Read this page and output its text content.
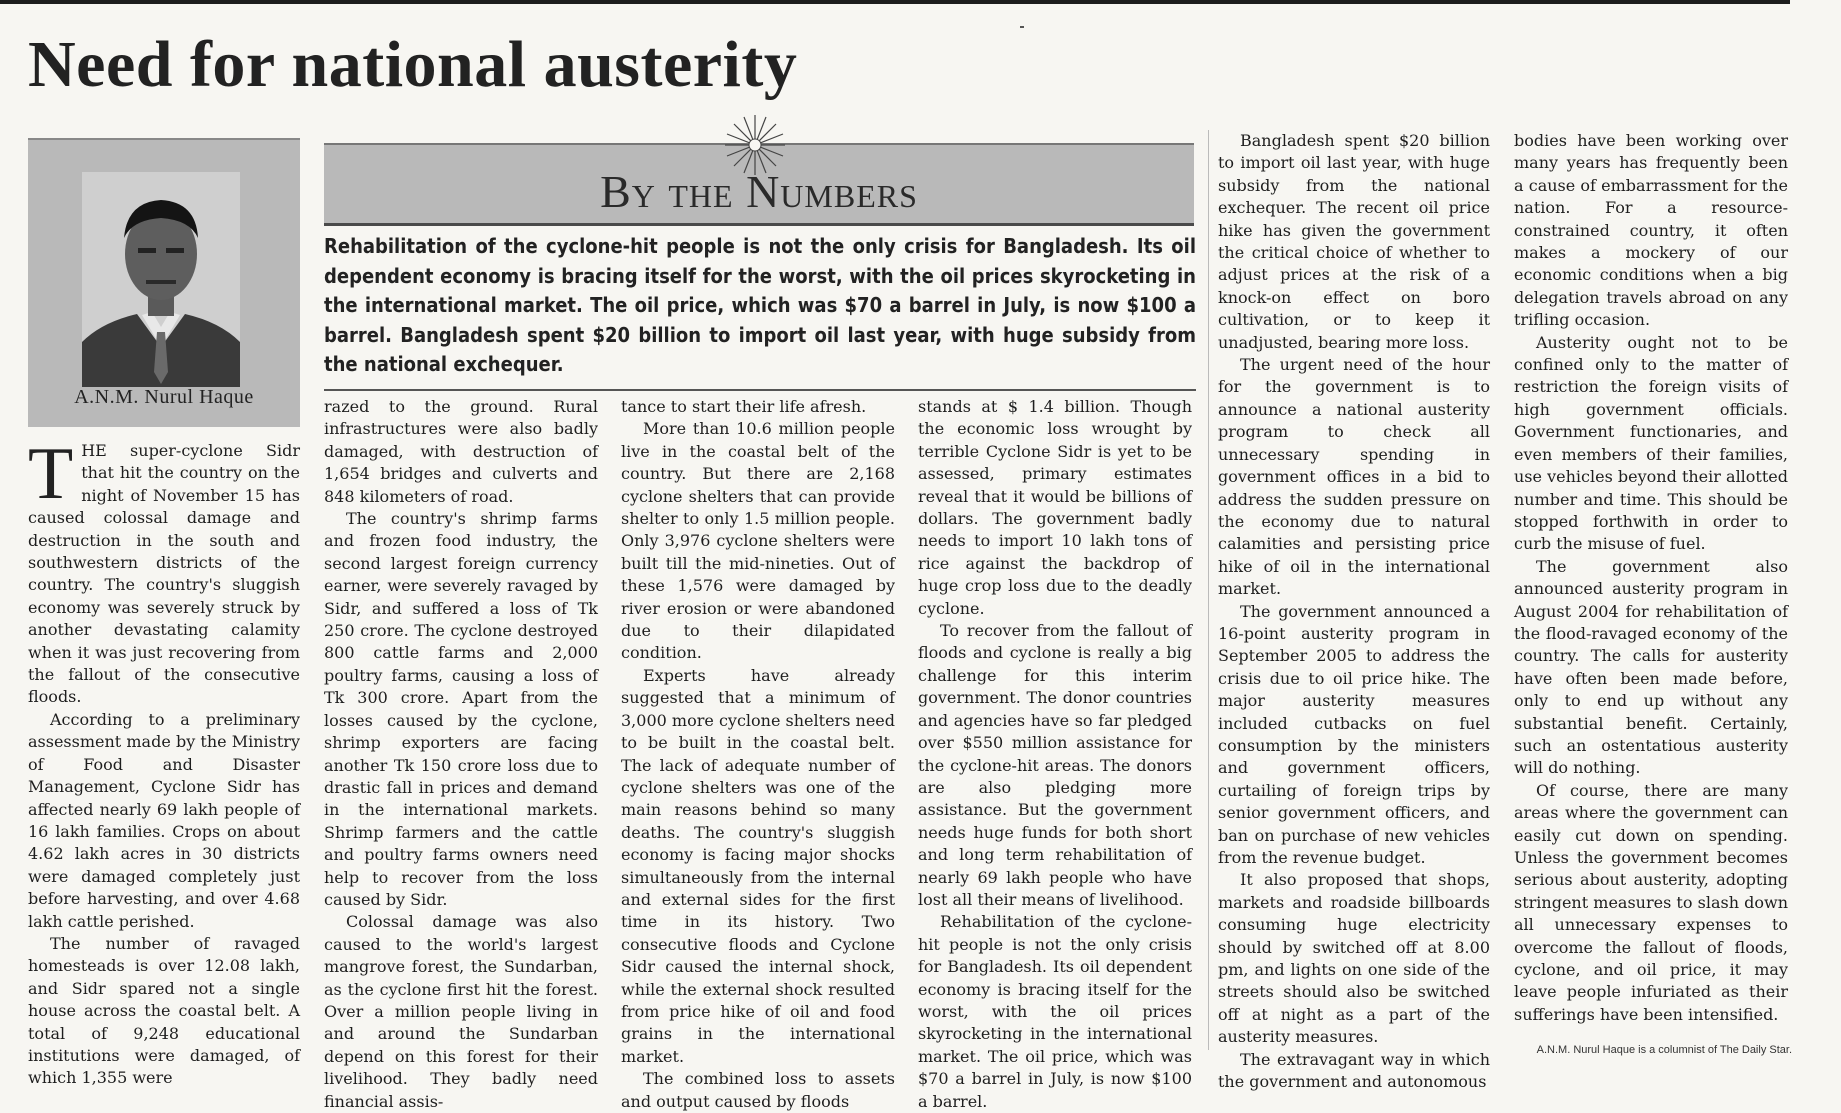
Need for national austerity
A.N.M. Nurul Haque
By the Numbers

Rehabilitation of the cyclone-hit people is not the only crisis for Bangladesh. Its oil dependent economy is bracing itself for the worst, with the oil prices skyrocketing in the international market. The oil price, which was $70 a barrel in July, is now $100 a barrel. Bangladesh spent $20 billion to import oil last year, with huge subsidy from the national exchequer.

THE super-cyclone Sidr that hit the country on the night of November 15 has caused colossal damage and destruction in the south and southwestern districts of the country. The country's sluggish economy was severely struck by another devastating calamity when it was just recovering from the fallout of the consecutive floods.

According to a preliminary assessment made by the Ministry of Food and Disaster Management, Cyclone Sidr has affected nearly 69 lakh people of 16 lakh families. Crops on about 4.62 lakh acres in 30 districts were damaged completely just before harvesting, and over 4.68 lakh cattle perished.

The number of ravaged homesteads is over 12.08 lakh, and Sidr spared not a single house across the coastal belt. A total of 9,248 educational institutions were damaged, of which 1,355 were

razed to the ground. Rural infrastructures were also badly damaged, with destruction of 1,654 bridges and culverts and 848 kilometers of road.

The country's shrimp farms and frozen food industry, the second largest foreign currency earner, were severely ravaged by Sidr, and suffered a loss of Tk 250 crore. The cyclone destroyed 800 cattle farms and 2,000 poultry farms, causing a loss of Tk 300 crore. Apart from the losses caused by the cyclone, shrimp exporters are facing another Tk 150 crore loss due to drastic fall in prices and demand in the international markets. Shrimp farmers and the cattle and poultry farms owners need help to recover from the loss caused by Sidr.

Colossal damage was also caused to the world's largest mangrove forest, the Sundarban, as the cyclone first hit the forest. Over a million people living in and around the Sundarban depend on this forest for their livelihood. They badly need financial assis-

tance to start their life afresh.

More than 10.6 million people live in the coastal belt of the country. But there are 2,168 cyclone shelters that can provide shelter to only 1.5 million people. Only 3,976 cyclone shelters were built till the mid-nineties. Out of these 1,576 were damaged by river erosion or were abandoned due to their dilapidated condition.

Experts have already suggested that a minimum of 3,000 more cyclone shelters need to be built in the coastal belt. The lack of adequate number of cyclone shelters was one of the main reasons behind so many deaths. The country's sluggish economy is facing major shocks simultaneously from the internal and external sides for the first time in its history. Two consecutive floods and Cyclone Sidr caused the internal shock, while the external shock resulted from price hike of oil and food grains in the international market.

The combined loss to assets and output caused by floods

stands at $ 1.4 billion. Though the economic loss wrought by terrible Cyclone Sidr is yet to be assessed, primary estimates reveal that it would be billions of dollars. The government badly needs to import 10 lakh tons of rice against the backdrop of huge crop loss due to the deadly cyclone.

To recover from the fallout of floods and cyclone is really a big challenge for this interim government. The donor countries and agencies have so far pledged over $550 million assistance for the cyclone-hit areas. The donors are also pledging more assistance. But the government needs huge funds for both short and long term rehabilitation of nearly 69 lakh people who have lost all their means of livelihood.

Rehabilitation of the cyclone-hit people is not the only crisis for Bangladesh. Its oil dependent economy is bracing itself for the worst, with the oil prices skyrocketing in the international market. The oil price, which was $70 a barrel in July, is now $100 a barrel.

Bangladesh spent $20 billion to import oil last year, with huge subsidy from the national exchequer. The recent oil price hike has given the government the critical choice of whether to adjust prices at the risk of a knock-on effect on boro cultivation, or to keep it unadjusted, bearing more loss.

The urgent need of the hour for the government is to announce a national austerity program to check all unnecessary spending in government offices in a bid to address the sudden pressure on the economy due to natural calamities and persisting price hike of oil in the international market.

The government announced a 16-point austerity program in September 2005 to address the crisis due to oil price hike. The major austerity measures included cutbacks on fuel consumption by the ministers and government officers, curtailing of foreign trips by senior government officers, and ban on purchase of new vehicles from the revenue budget.

It also proposed that shops, markets and roadside billboards consuming huge electricity should by switched off at 8.00 pm, and lights on one side of the streets should also be switched off at night as a part of the austerity measures.

The extravagant way in which the government and autonomous

bodies have been working over many years has frequently been a cause of embarrassment for the nation. For a resource-constrained country, it often makes a mockery of our economic conditions when a big delegation travels abroad on any trifling occasion.

Austerity ought not to be confined only to the matter of restriction the foreign visits of high government officials. Government functionaries, and even members of their families, use vehicles beyond their allotted number and time. This should be stopped forthwith in order to curb the misuse of fuel.

The government also announced austerity program in August 2004 for rehabilitation of the flood-ravaged economy of the country. The calls for austerity have often been made before, only to end up without any substantial benefit. Certainly, such an ostentatious austerity will do nothing.

Of course, there are many areas where the government can easily cut down on spending. Unless the government becomes serious about austerity, adopting stringent measures to slash down all unnecessary expenses to overcome the fallout of floods, cyclone, and oil price, it may leave people infuriated as their sufferings have been intensified.

A.N.M. Nurul Haque is a columnist of The Daily Star.
